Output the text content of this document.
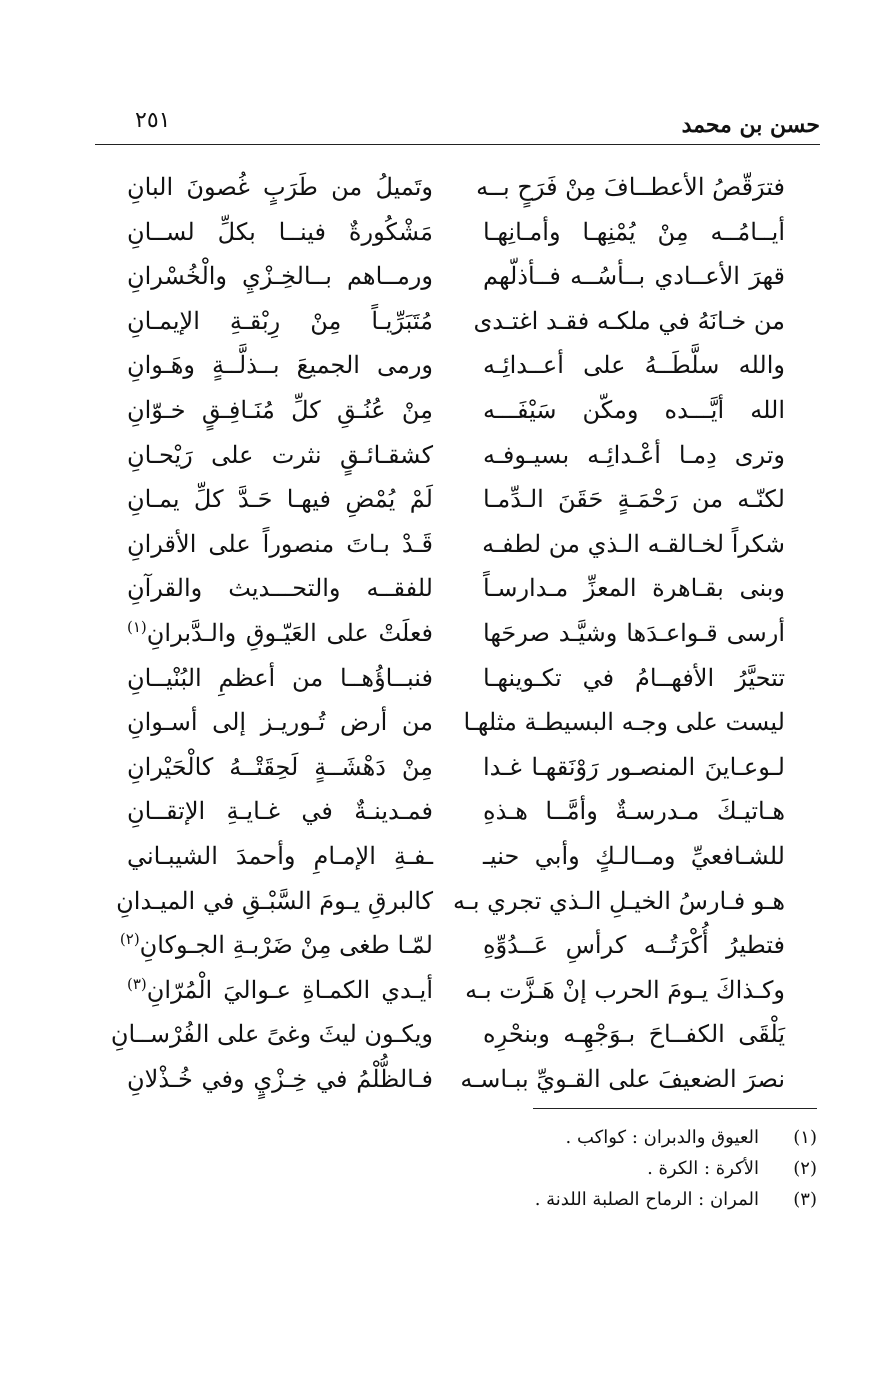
٢٥١	حسن بن محمد
فترَقّصُ الأعطــافَ مِنْ فَرَحٍ بــه
وتَميلُ من طَرَبٍ غُصونَ البانِ
أيــامُــه مِنْ يُمْنِهـا وأمـانِهـا
مَشْكُورةٌ فينــا بكلِّ لســانِ
قهرَ الأعــادي بــأسُــه فــأذلّهم
ورمــاهم بــالخِـزْيِ والْخُسْرانِ
من خـانَهُ في ملكـه فقـد اغتـدى
مُتَبَرِّيـاً مِنْ رِبْقـةِ الإيمـانِ
والله سلَّطَــهُ على أعــدائِـه
ورمى الجميعَ بــذلَّــةٍ وهَـوانِ
الله أيَّـــده ومكّن سَيْفَـــه
مِنْ عُنُـقِ كلِّ مُنَـافِـقٍ خـوّانِ
وترى دِمـا أعْـدائِـه بسيـوفـه
كشقـائـقٍ نثرت على رَيْحـانِ
لكنّـه من رَحْمَـةٍ حَقَنَ الـدِّمـا
لَمْ يُمْضِ فيهـا حَـدَّ كلِّ يمـانِ
شكراً لخـالقـه الـذي من لطفـه
قَـدْ بـاتَ منصوراً على الأقرانِ
وبنى بقـاهرة المعزِّ مـدارسـاً
للفقــه والتحـــديث والقرآنِ
أرسى قـواعـدَها وشيَّـد صرحَها
فعلَتْ على العَيّـوقِ والـدَّبرانِ$^{(١)}$
تتحيَّرُ الأفهــامُ في تكـوينهـا
فنبــاؤُهــا من أعظمِ البُنْيــانِ
ليست على وجـه البسيطـة مثلهـا
من أرض تُـوريـز إلى أسـوانِ
لـوعـاينَ المنصـور رَوْنَقهـا غـدا
مِنْ دَهْشَــةٍ لَحِقَتْــهُ كالْحَيْرانِ
هـاتيـكَ مـدرسـةٌ وأمَّــا هـذهِ
فمـدينـةٌ في غـايـةِ الإتقــانِ
للشـافعيِّ ومــالـكٍ وأبي حنيـ
ـفـةِ الإمـامِ وأحمدَ الشيبـاني
هـو فـارسُ الخيـلِ الـذي تجري بـه
كالبرقِ يـومَ السَّبْـقِ في الميـدانِ
فتطيرُ أُكْرَتُــه كرأسِ عَــدُوِّهِ
لمّـا طغى مِنْ ضَرْبـةِ الجـوكانِ$^{(٢)}$
وكـذاكَ يـومَ الحرب إنْ هَـزَّت بـه
أيـدي الكمـاةِ عـواليَ الْمُرّانِ$^{(٣)}$
يَلْقَى الكفــاحَ بـوَجْهِـه وبنحْرِه
ويكـون ليثَ وغىً على الفُرْســانِ
نصرَ الضعيفَ على القـويِّ ببـاسـه
فـالظُّلْمُ في خِـزْيٍ وفي خُـذْلانِ
(١)العيوق والدبران : كواكب .
(٢)الأكرة : الكرة .
(٣)المران : الرماح الصلبة اللدنة .
